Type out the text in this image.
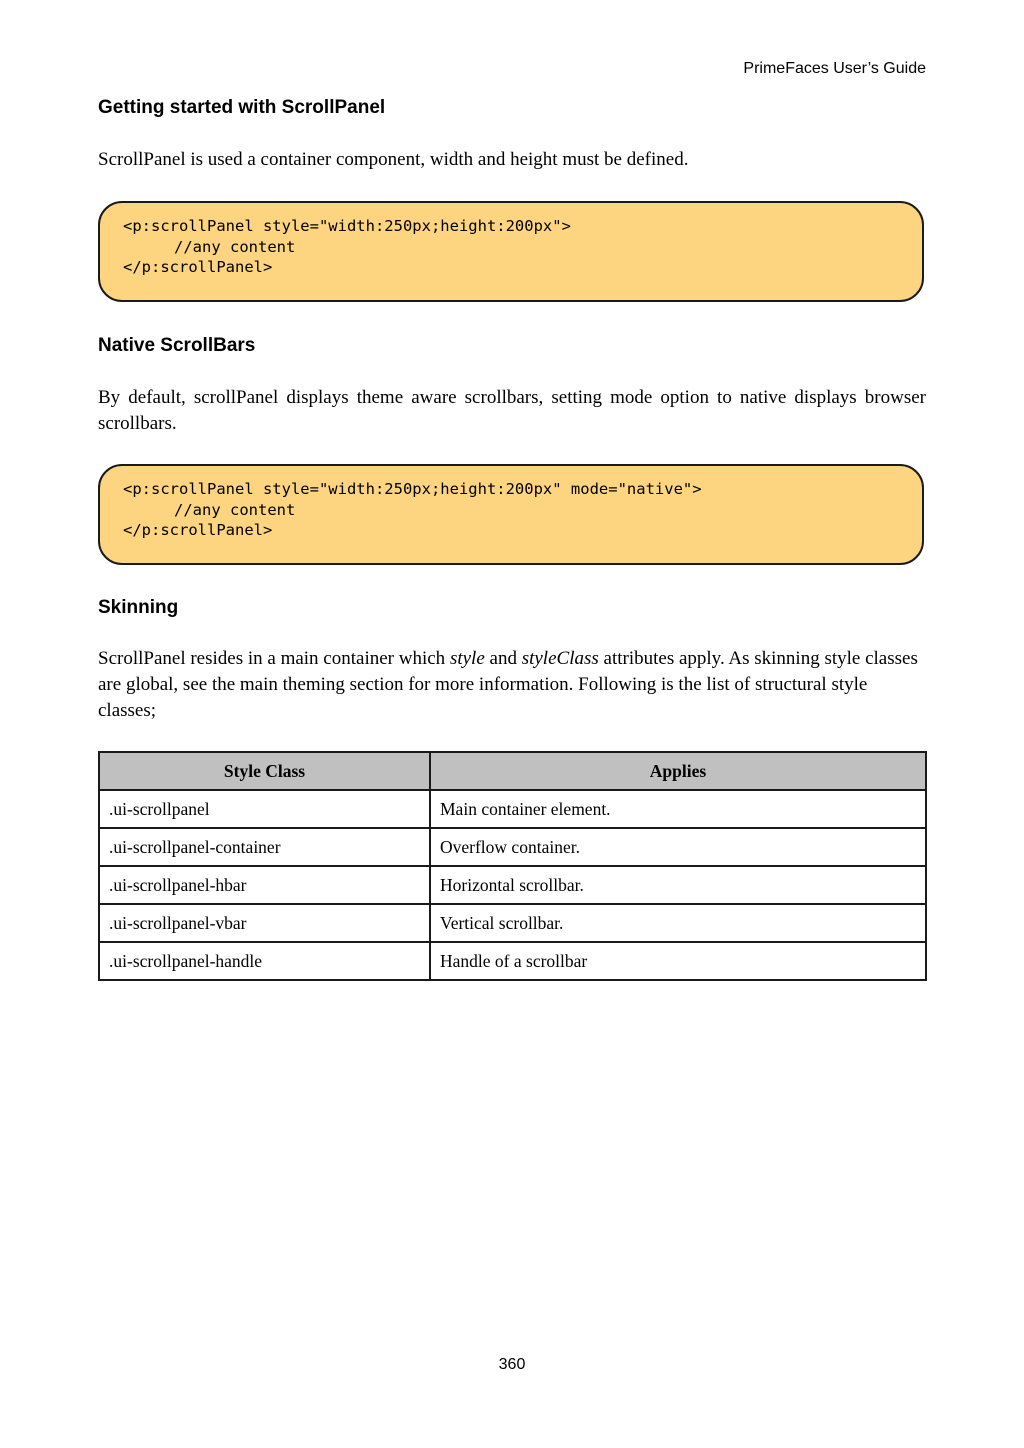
PrimeFaces User’s Guide
Getting started with ScrollPanel

ScrollPanel is used a container component, width and height must be defined.

<p:scrollPanel style="width:250px;height:200px">
//any content
</p:scrollPanel>
Native ScrollBars

By default, scrollPanel displays theme aware scrollbars, setting mode option to native displays browser scrollbars.

<p:scrollPanel style="width:250px;height:200px" mode="native">
//any content
</p:scrollPanel>
Skinning

ScrollPanel resides in a main container which style and styleClass attributes apply. As skinning style classes are global, see the main theming section for more information. Following is the list of structural style classes;

Style Class	Applies
.ui-scrollpanel	Main container element.
.ui-scrollpanel-container	Overflow container.
.ui-scrollpanel-hbar	Horizontal scrollbar.
.ui-scrollpanel-vbar	Vertical scrollbar.
.ui-scrollpanel-handle	Handle of a scrollbar
360
